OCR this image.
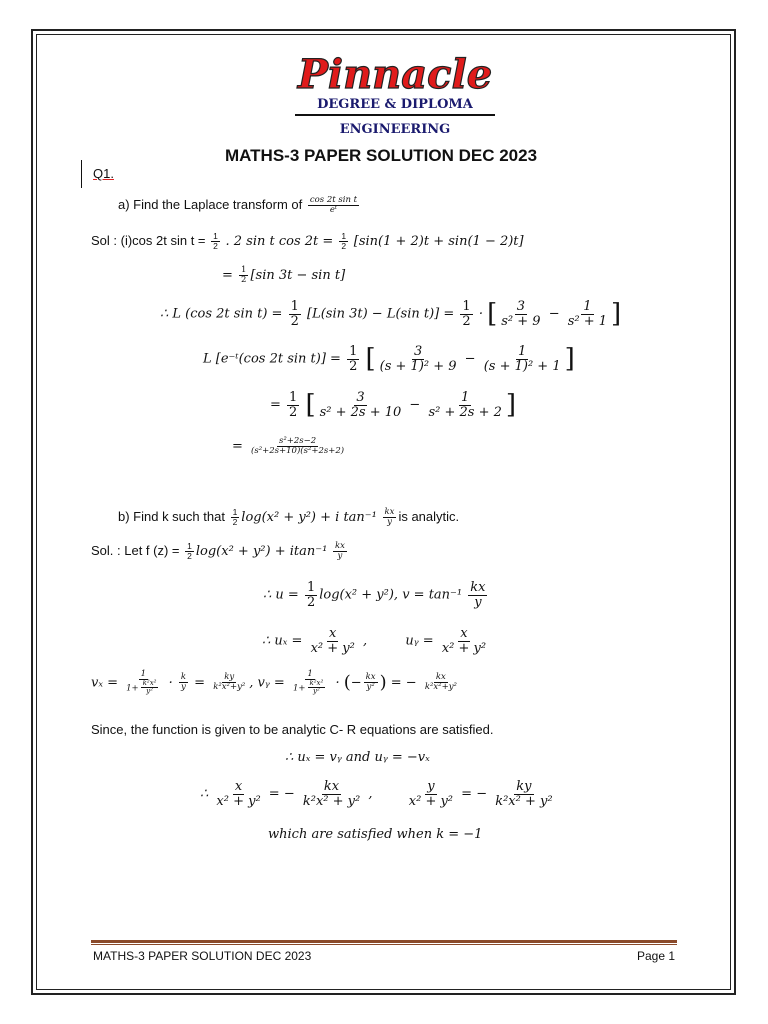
Pinnacle
DEGREE & DIPLOMA
ENGINEERING
MATHS-3 PAPER SOLUTION DEC 2023
Q1.
a) Find the Laplace transform of $\frac{\text{cos 2t sin t}}{\text{eᵗ}}$
Sol : (i)cos 2t $\sin t = \frac{1}{2}$ . 2 sin t $\cos 2t = \frac{1}{2} [\sin(1 + 2)t + \sin(1 - 2)t]$
= $\frac{1}{2} [\sin$ 3t − sin t]
∴ L (cos 2t $\sin t) = \frac{1}{2} [L(\sin$ 3t) − L(sin $t)] = \frac{1}{2}$ · [ $\frac{3}{\text{s² + 9}} - \frac{1}{\text{s² + 1}}$ ]
L [e⁻ᵗ(cos 2t $\sin t)] = \frac{1}{2}$ [ $\frac{3}{\text{(s + 1)² + 9}} - \frac{1}{\text{(s + 1)² + 1}}$ ]
= $\frac{1}{2}$ [ $\frac{3}{\text{s² + 2s + 10}} - \frac{1}{\text{s² + 2s + 2}}$ ]
= $\frac{\text{s²+2s−2}}{\text{(s²+2s+10)(s²+2s+2)}}$
b) Find k such that $\frac{1}{2} \log(x^2 + y^2) + i$ $\tan^{-1} \frac{kx}{y}$ is analytic.
Sol. : Let f $(z) = \frac{1}{2} \log(x^2 + y^2) + itan^{-1} \frac{kx}{y}$
∴ $u = \frac{1}{2} \log(x^2 + y^2)$, $v = \tan^{-1} \frac{kx}{y}$
∴ $u_x = \frac{x}{\text{x² + y²}}$ ,	uᵧ = $\frac{x}{\text{x² + y²}}$
$v_x = \frac{1}{1+ \frac{\text{k²x²}}{\text{y²}}} \cdot \frac{k}{y} = \frac{ky}{\text{k²x²+y²}}$ , vᵧ = $\frac{1}{1+ \frac{\text{k²x²}}{\text{y²}}}$ · (− $\frac{kx}{\text{y²}}$ ) = − $\frac{kx}{\text{k²x²+y²}}$
Since, the function is given to be analytic C- R equations are satisfied.
∴ uₓ = vᵧ and uᵧ = −vₓ
∴ $\frac{x}{\text{x² + y²}}$ = − $\frac{kx}{\text{k²x² + y²}}$ , $\frac{y}{\text{x² + y²}}$ = − $\frac{ky}{\text{k²x² + y²}}$
which are satisfied when k = −1
MATHS-3 PAPER SOLUTION DEC 2023	Page 1
